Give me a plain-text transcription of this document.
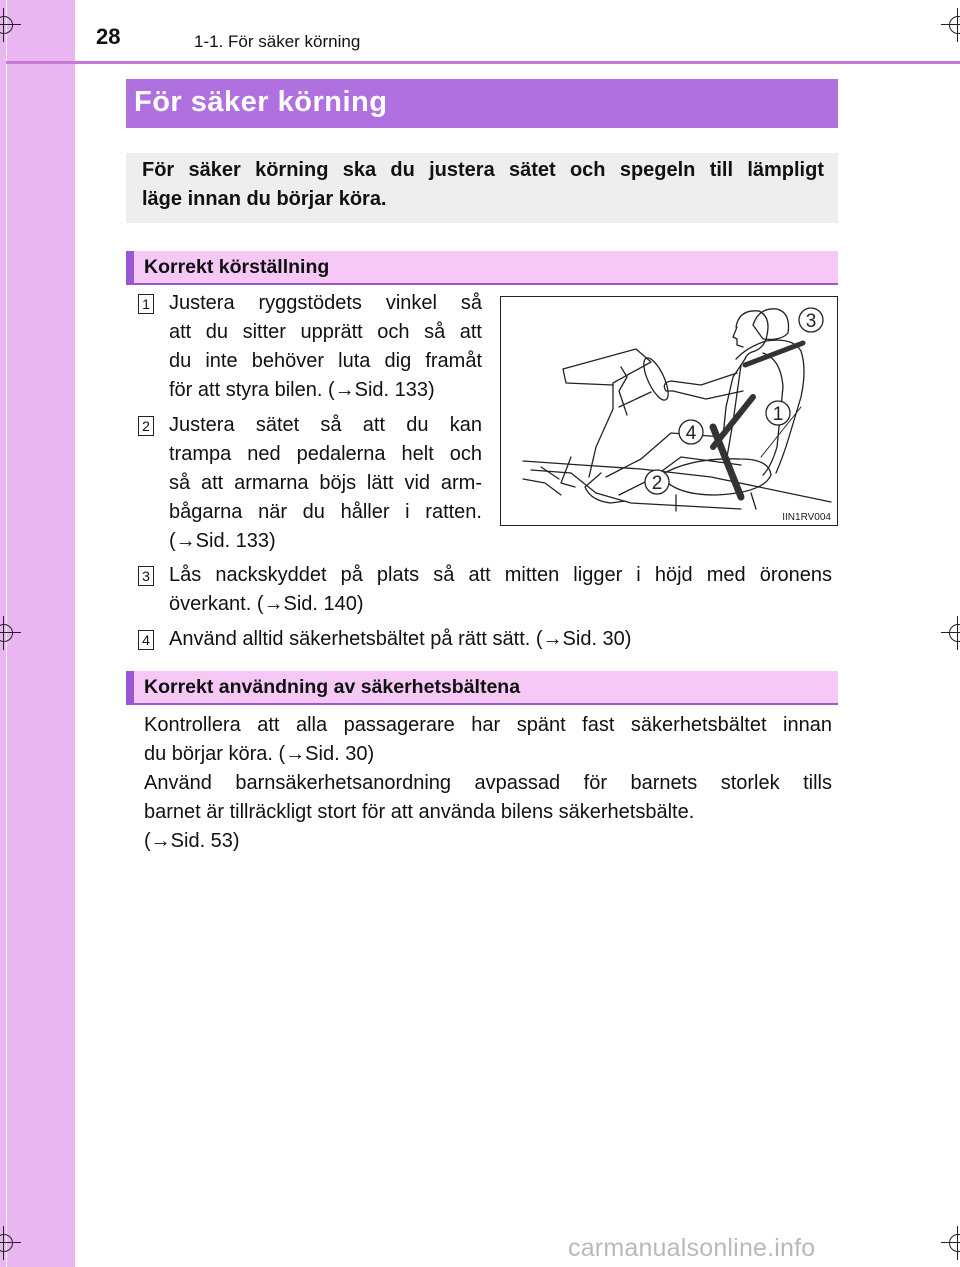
28	1-1. För säker körning
För säker körning
För säker körning ska du justera sätet och spegeln till lämpligt
läge innan du börjar köra.
Korrekt körställning
1 Justera ryggstödets vinkel så
att du sitter upprätt och så att
du inte behöver luta dig framåt
för att styra bilen. (→Sid. 133)
2 Justera sätet så att du kan
trampa ned pedalerna helt och
så att armarna böjs lätt vid arm-
bågarna när du håller i ratten.
(→Sid. 133)
3 Lås nackskyddet på plats så att mitten ligger i höjd med öronens
överkant. (→Sid. 140)
4 Använd alltid säkerhetsbältet på rätt sätt. (→Sid. 30)
3
1
4
2
IIN1RV004
Korrekt användning av säkerhetsbältena
Kontrollera att alla passagerare har spänt fast säkerhetsbältet innan
du börjar köra. (→Sid. 30)
Använd barnsäkerhetsanordning avpassad för barnets storlek tills
barnet är tillräckligt stort för att använda bilens säkerhetsbälte.
(→Sid. 53)
carmanualsonline.info
